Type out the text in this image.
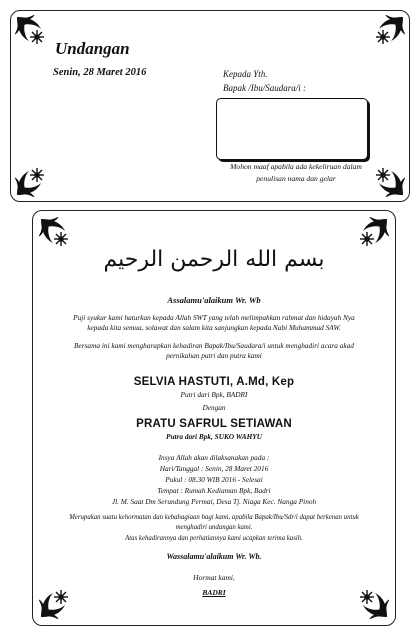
Undangan
Senin, 28 Maret 2016	Kepada Yth.
Bapak /Ibu/Saudara/i :
Mohon maaf apabila ada kekeliruan dalam
penulisan nama dan gelar
بسم الله الرحمن الرحيم
Assalamu'alaikum Wr. Wb
Puji syukur kami haturkan kepada Allah SWT yang telah melimpahkan rahmat dan hidayah Nya
kepada kita semua, solawat dan salam kita sanjungkan kepada Nabi Muhammad SAW.
Bersama ini kami mengharapkan kehadiran Bapak/Ibu/Saudara/i untuk menghadiri acara akad
pernikahan putri dan putra kami
SELVIA HASTUTI, A.Md, Kep
Putri dari Bpk, BADRI
Dengan
PRATU SAFRUL SETIAWAN
Putra dari Bpk, SUKO WAHYU
Insya Allah akan dilaksanakan pada :
Hari/Tanggal : Senin, 28 Maret 2016
Pukul : 08.30 WIB 2016 - Selesai
Tempat : Rumah Kediaman Bpk, Badri
Jl. M. Saat Dm Serundung Permai, Desa Tj. Niaga Kec. Nanga Pinoh
Merupakan suatu kehormatan dan kebahagiaan bagi kami, apabila Bapak/Ibu/Sdr/i dapat berkenan untuk
menghadiri undangan kami.
Atas kehadirannya dan perhatiannya kami ucapkan terima kasih.
Wassalamu'alaikum Wr. Wb.
Hormat kami,
BADRI
